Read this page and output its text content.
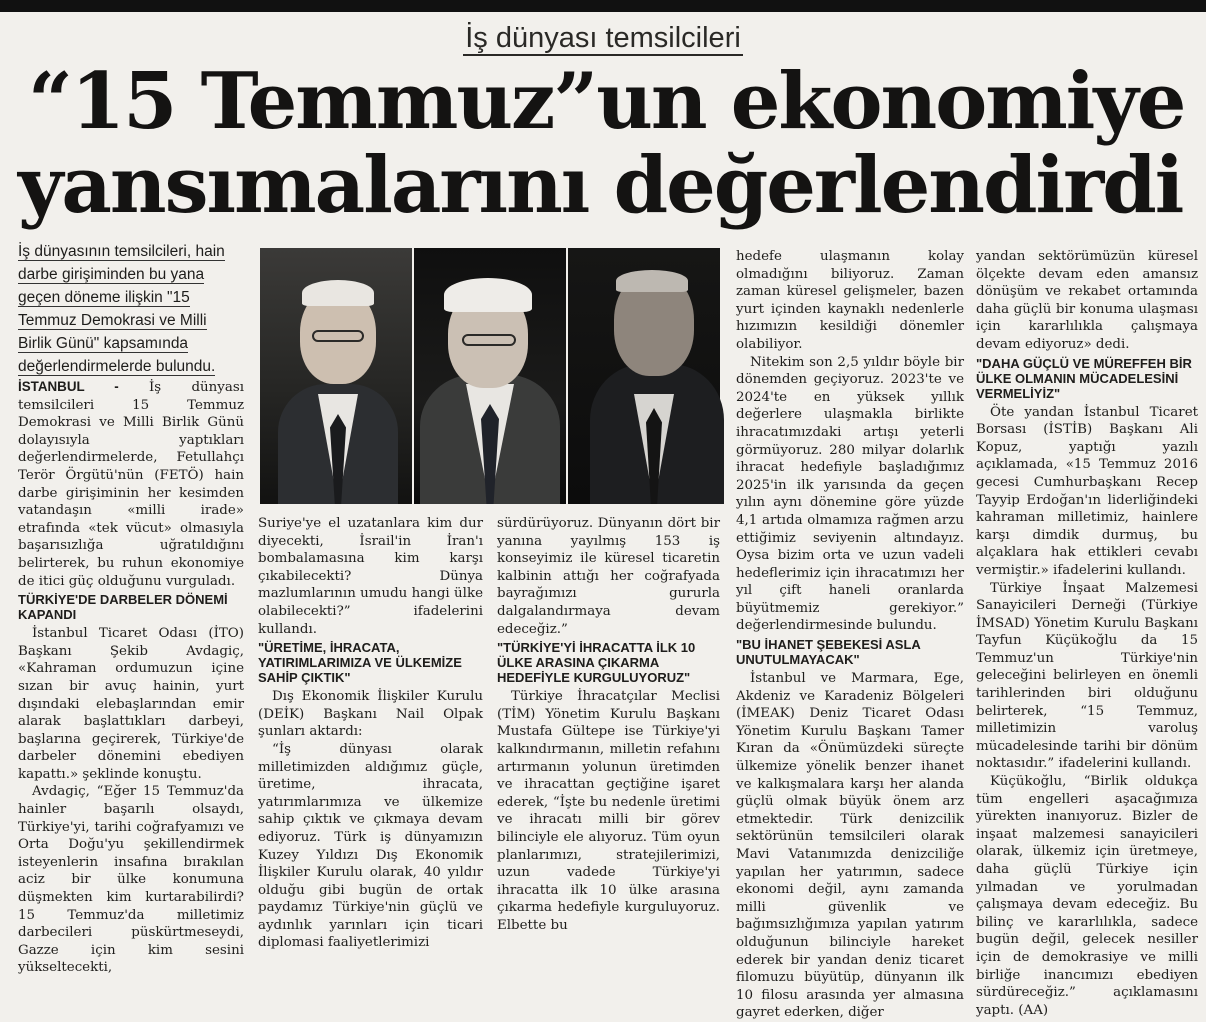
İş dünyası temsilcileri
“15 Temmuz”un ekonomiye
yansımalarını değerlendirdi

İş dünyasının temsilcileri, hain darbe girişiminden bu yana geçen döneme ilişkin "15 Temmuz Demokrasi ve Milli Birlik Günü" kapsamında değerlendirmelerde bulundu.

İSTANBUL - İş dünyası temsilcileri 15 Temmuz Demokrasi ve Milli Birlik Günü dolayısıyla yaptıkları değerlendirmelerde, Fetullahçı Terör Örgütü'nün (FETÖ) hain darbe girişiminin her kesimden vatandaşın «milli irade» etrafında «tek vücut» olmasıyla başarısızlığa uğratıldığını belirterek, bu ruhun ekonomiye de itici güç olduğunu vurguladı.

TÜRKİYE'DE DARBELER DÖNEMİ KAPANDI

İstanbul Ticaret Odası (İTO) Başkanı Şekib Avdagiç, «Kahraman ordumuzun içine sızan bir avuç hainin, yurt dışındaki elebaşlarından emir alarak başlattıkları darbeyi, başlarına geçirerek, Türkiye'de darbeler dönemini ebediyen kapattı.» şeklinde konuştu.

Avdagiç, “Eğer 15 Temmuz'da hainler başarılı olsaydı, Türkiye'yi, tarihi coğrafyamızı ve Orta Doğu'yu şekillendirmek isteyenlerin insafına bırakılan aciz bir ülke konumuna düşmekten kim kurtarabilirdi? 15 Temmuz'da milletimiz darbecileri püskürtmeseydi, Gazze için kim sesini yükseltecekti,

Suriye'ye el uzatanlara kim dur diyecekti, İsrail'in İran'ı bombalamasına kim karşı çıkabilecekti? Dünya mazlumlarının umudu hangi ülke olabilecekti?” ifadelerini kullandı.

"ÜRETİME, İHRACATA, YATIRIMLARIMIZA VE ÜLKEMİZE SAHİP ÇIKTIK"

Dış Ekonomik İlişkiler Kurulu (DEİK) Başkanı Nail Olpak şunları aktardı:

“İş dünyası olarak milletimizden aldığımız güçle, üretime, ihracata, yatırımlarımıza ve ülkemize sahip çıktık ve çıkmaya devam ediyoruz. Türk iş dünyamızın Kuzey Yıldızı Dış Ekonomik İlişkiler Kurulu olarak, 40 yıldır olduğu gibi bugün de ortak paydamız Türkiye'nin güçlü ve aydınlık yarınları için ticari diplomasi faaliyetlerimizi

sürdürüyoruz. Dünyanın dört bir yanına yayılmış 153 iş konseyimiz ile küresel ticaretin kalbinin attığı her coğrafyada bayrağımızı gururla dalgalandırmaya devam edeceğiz.”

"TÜRKİYE'Yİ İHRACATTA İLK 10 ÜLKE ARASINA ÇIKARMA HEDEFİYLE KURGULUYORUZ"

Türkiye İhracatçılar Meclisi (TİM) Yönetim Kurulu Başkanı Mustafa Gültepe ise Türkiye'yi kalkındırmanın, milletin refahını artırmanın yolunun üretimden ve ihracattan geçtiğine işaret ederek, “İşte bu nedenle üretimi ve ihracatı milli bir görev bilinciyle ele alıyoruz. Tüm oyun planlarımızı, stratejilerimizi, uzun vadede Türkiye'yi ihracatta ilk 10 ülke arasına çıkarma hedefiyle kurguluyoruz. Elbette bu

hedefe ulaşmanın kolay olmadığını biliyoruz. Zaman zaman küresel gelişmeler, bazen yurt içinden kaynaklı nedenlerle hızımızın kesildiği dönemler olabiliyor.

Nitekim son 2,5 yıldır böyle bir dönemden geçiyoruz. 2023'te ve 2024'te en yüksek yıllık değerlere ulaşmakla birlikte ihracatımızdaki artışı yeterli görmüyoruz. 280 milyar dolarlık ihracat hedefiyle başladığımız 2025'in ilk yarısında da geçen yılın aynı dönemine göre yüzde 4,1 artıda olmamıza rağmen arzu ettiğimiz seviyenin altındayız. Oysa bizim orta ve uzun vadeli hedeflerimiz için ihracatımızı her yıl çift haneli oranlarda büyütmemiz gerekiyor.” değerlendirmesinde bulundu.

"BU İHANET ŞEBEKESİ ASLA UNUTULMAYACAK"

İstanbul ve Marmara, Ege, Akdeniz ve Karadeniz Bölgeleri (İMEAK) Deniz Ticaret Odası Yönetim Kurulu Başkanı Tamer Kıran da «Önümüzdeki süreçte ülkemize yönelik benzer ihanet ve kalkışmalara karşı her alanda güçlü olmak büyük önem arz etmektedir. Türk denizcilik sektörünün temsilcileri olarak Mavi Vatanımızda denizciliğe yapılan her yatırımın, sadece ekonomi değil, aynı zamanda milli güvenlik ve bağımsızlığımıza yapılan yatırım olduğunun bilinciyle hareket ederek bir yandan deniz ticaret filomuzu büyütüp, dünyanın ilk 10 filosu arasında yer almasına gayret ederken, diğer

yandan sektörümüzün küresel ölçekte devam eden amansız dönüşüm ve rekabet ortamında daha güçlü bir konuma ulaşması için kararlılıkla çalışmaya devam ediyoruz» dedi.

"DAHA GÜÇLÜ VE MÜREFFEH BİR ÜLKE OLMANIN MÜCADELESİNİ VERMELİYİZ"

Öte yandan İstanbul Ticaret Borsası (İSTİB) Başkanı Ali Kopuz, yaptığı yazılı açıklamada, «15 Temmuz 2016 gecesi Cumhurbaşkanı Recep Tayyip Erdoğan'ın liderliğindeki kahraman milletimiz, hainlere karşı dimdik durmuş, bu alçaklara hak ettikleri cevabı vermiştir.» ifadelerini kullandı.

Türkiye İnşaat Malzemesi Sanayicileri Derneği (Türkiye İMSAD) Yönetim Kurulu Başkanı Tayfun Küçükoğlu da 15 Temmuz'un Türkiye'nin geleceğini belirleyen en önemli tarihlerinden biri olduğunu belirterek, “15 Temmuz, milletimizin varoluş mücadelesinde tarihi bir dönüm noktasıdır.” ifadelerini kullandı.

Küçükoğlu, “Birlik oldukça tüm engelleri aşacağımıza yürekten inanıyoruz. Bizler de inşaat malzemesi sanayicileri olarak, ülkemiz için üretmeye, daha güçlü Türkiye için yılmadan ve yorulmadan çalışmaya devam edeceğiz. Bu bilinç ve kararlılıkla, sadece bugün değil, gelecek nesiller için de demokrasiye ve milli birliğe inancımızı ebediyen sürdüreceğiz.” açıklamasını yaptı. (AA)
